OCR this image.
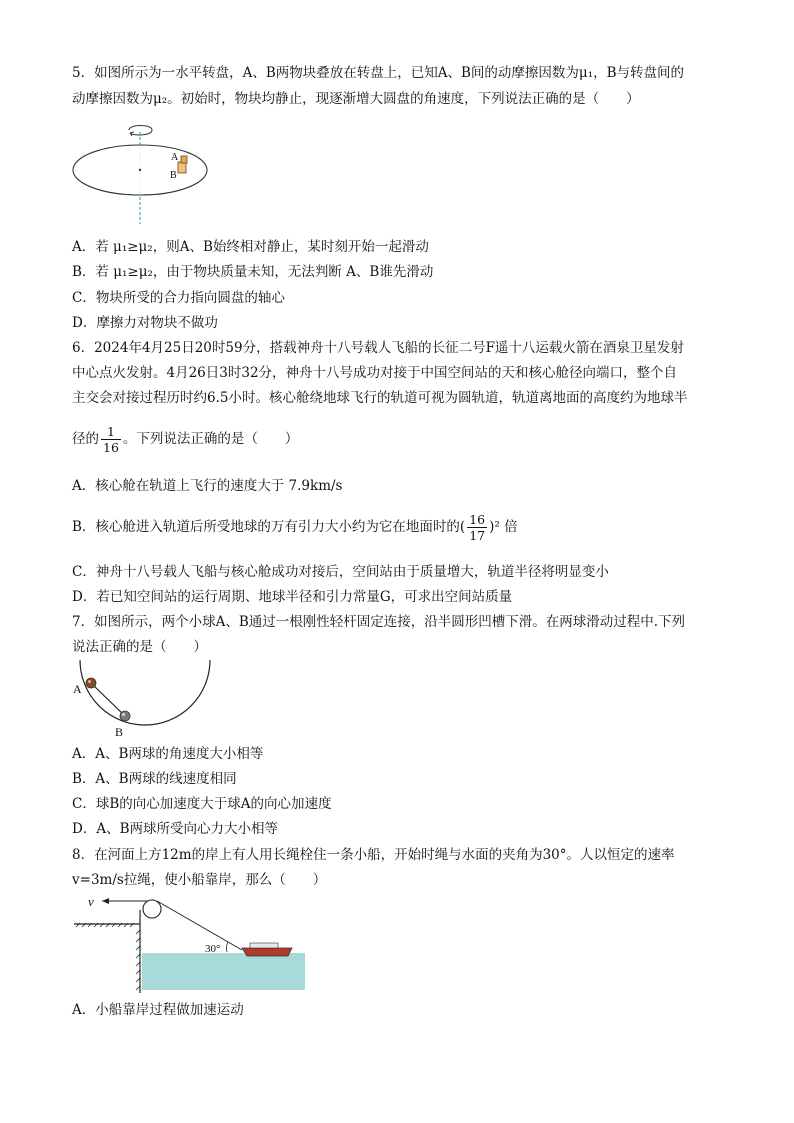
5．如图所示为一水平转盘，A、B两物块叠放在转盘上，已知A、B间的动摩擦因数为μ₁，B与转盘间的
动摩擦因数为μ₂。初始时，物块均静止，现逐渐增大圆盘的角速度，下列说法正确的是（　　）
A
B
A．若 μ₁≥μ₂，则A、B始终相对静止，某时刻开始一起滑动
B．若 μ₁≥μ₂，由于物块质量未知，无法判断 A、B谁先滑动
C．物块所受的合力指向圆盘的轴心
D．摩擦力对物块不做功
6．2024年4月25日20时59分，搭载神舟十八号载人飞船的长征二号F遥十八运载火箭在酒泉卫星发射
中心点火发射。4月26日3时32分，神舟十八号成功对接于中国空间站的天和核心舱径向端口，整个自
主交会对接过程历时约6.5小时。核心舱绕地球飞行的轨道可视为圆轨道，轨道离地面的高度约为地球半
径的 $\frac{1}{16}$ 。下列说法正确的是（　　）
A．核心舱在轨道上飞行的速度大于 7.9km/s
B．核心舱进入轨道后所受地球的万有引力大小约为它在地面时的( $\frac{16}{17} )^2$ 倍
C．神舟十八号载人飞船与核心舱成功对接后，空间站由于质量增大，轨道半径将明显变小
D．若已知空间站的运行周期、地球半径和引力常量G，可求出空间站质量
7．如图所示，两个小球A、B通过一根刚性轻杆固定连接，沿半圆形凹槽下滑。在两球滑动过程中.下列
说法正确的是（　　）
A
B
A．A、B两球的角速度大小相等
B．A、B两球的线速度相同
C．球B的向心加速度大于球A的向心加速度
D．A、B两球所受向心力大小相等
8．在河面上方12m的岸上有人用长绳栓住一条小船，开始时绳与水面的夹角为30°。人以恒定的速率
v=3m/s拉绳，使小船靠岸，那么（　　）
v
30°
A．小船靠岸过程做加速运动
